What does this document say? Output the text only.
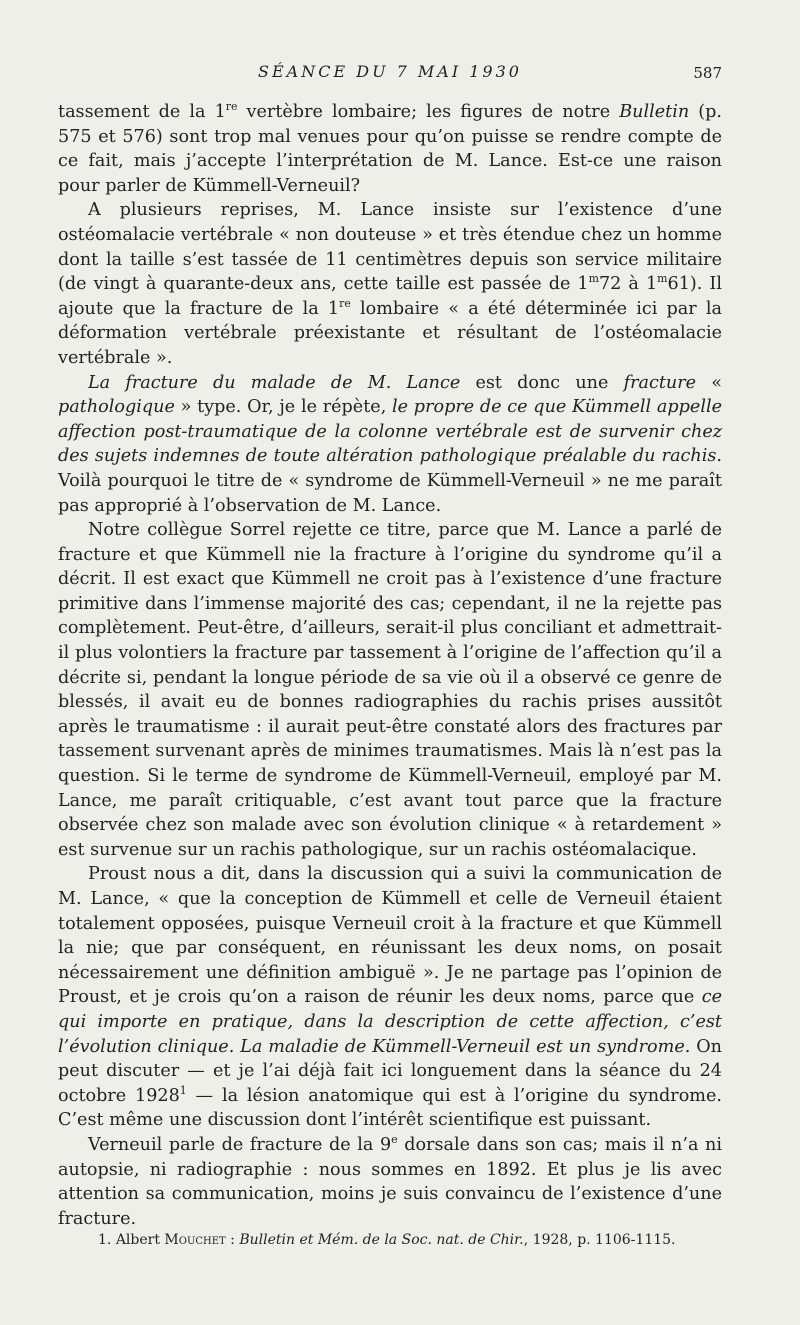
SÉANCE DU 7 MAI 1930	587

tassement de la 1re vertèbre lombaire; les figures de notre Bulletin (p. 575 et 576) sont trop mal venues pour qu’on puisse se rendre compte de ce fait, mais j’accepte l’interprétation de M. Lance. Est-ce une raison pour parler de Kümmell-Verneuil?

A plusieurs reprises, M. Lance insiste sur l’existence d’une ostéomalacie vertébrale « non douteuse » et très étendue chez un homme dont la taille s’est tassée de 11 centimètres depuis son service militaire (de vingt à quarante-deux ans, cette taille est passée de 1$^m$72 à 1$^m$61). Il ajoute que la fracture de la 1re lombaire « a été déterminée ici par la déformation vertébrale préexistante et résultant de l’ostéomalacie vertébrale ».

La fracture du malade de M. Lance est donc une fracture « pathologique » type. Or, je le répète, le propre de ce que Kümmell appelle affection post-traumatique de la colonne vertébrale est de survenir chez des sujets indemnes de toute altération pathologique préalable du rachis. Voilà pourquoi le titre de « syndrome de Kümmell-Verneuil » ne me paraît pas approprié à l’observation de M. Lance.

Notre collègue Sorrel rejette ce titre, parce que M. Lance a parlé de fracture et que Kümmell nie la fracture à l’origine du syndrome qu’il a décrit. Il est exact que Kümmell ne croit pas à l’existence d’une fracture primitive dans l’immense majorité des cas; cependant, il ne la rejette pas complètement. Peut-être, d’ailleurs, serait-il plus conciliant et admettrait-il plus volontiers la fracture par tassement à l’origine de l’affection qu’il a décrite si, pendant la longue période de sa vie où il a observé ce genre de blessés, il avait eu de bonnes radiographies du rachis prises aussitôt après le traumatisme : il aurait peut-être constaté alors des fractures par tassement survenant après de minimes traumatismes. Mais là n’est pas la question. Si le terme de syndrome de Kümmell-Verneuil, employé par M. Lance, me paraît critiquable, c’est avant tout parce que la fracture observée chez son malade avec son évolution clinique « à retardement » est survenue sur un rachis pathologique, sur un rachis ostéomalacique.

Proust nous a dit, dans la discussion qui a suivi la communication de M. Lance, « que la conception de Kümmell et celle de Verneuil étaient totalement opposées, puisque Verneuil croit à la fracture et que Kümmell la nie; que par conséquent, en réunissant les deux noms, on posait nécessairement une définition ambiguë ». Je ne partage pas l’opinion de Proust, et je crois qu’on a raison de réunir les deux noms, parce que ce qui importe en pratique, dans la description de cette affection, c’est l’évolution clinique. La maladie de Kümmell-Verneuil est un syndrome. On peut discuter — et je l’ai déjà fait ici longuement dans la séance du 24 octobre 1928$^1$ — la lésion anatomique qui est à l’origine du syndrome. C’est même une discussion dont l’intérêt scientifique est puissant.

Verneuil parle de fracture de la 9e dorsale dans son cas; mais il n’a ni autopsie, ni radiographie : nous sommes en 1892. Et plus je lis avec attention sa communication, moins je suis convaincu de l’existence d’une fracture.

1. Albert Mouchet : Bulletin et Mém. de la Soc. nat. de Chir., 1928, p. 1106-1115.
